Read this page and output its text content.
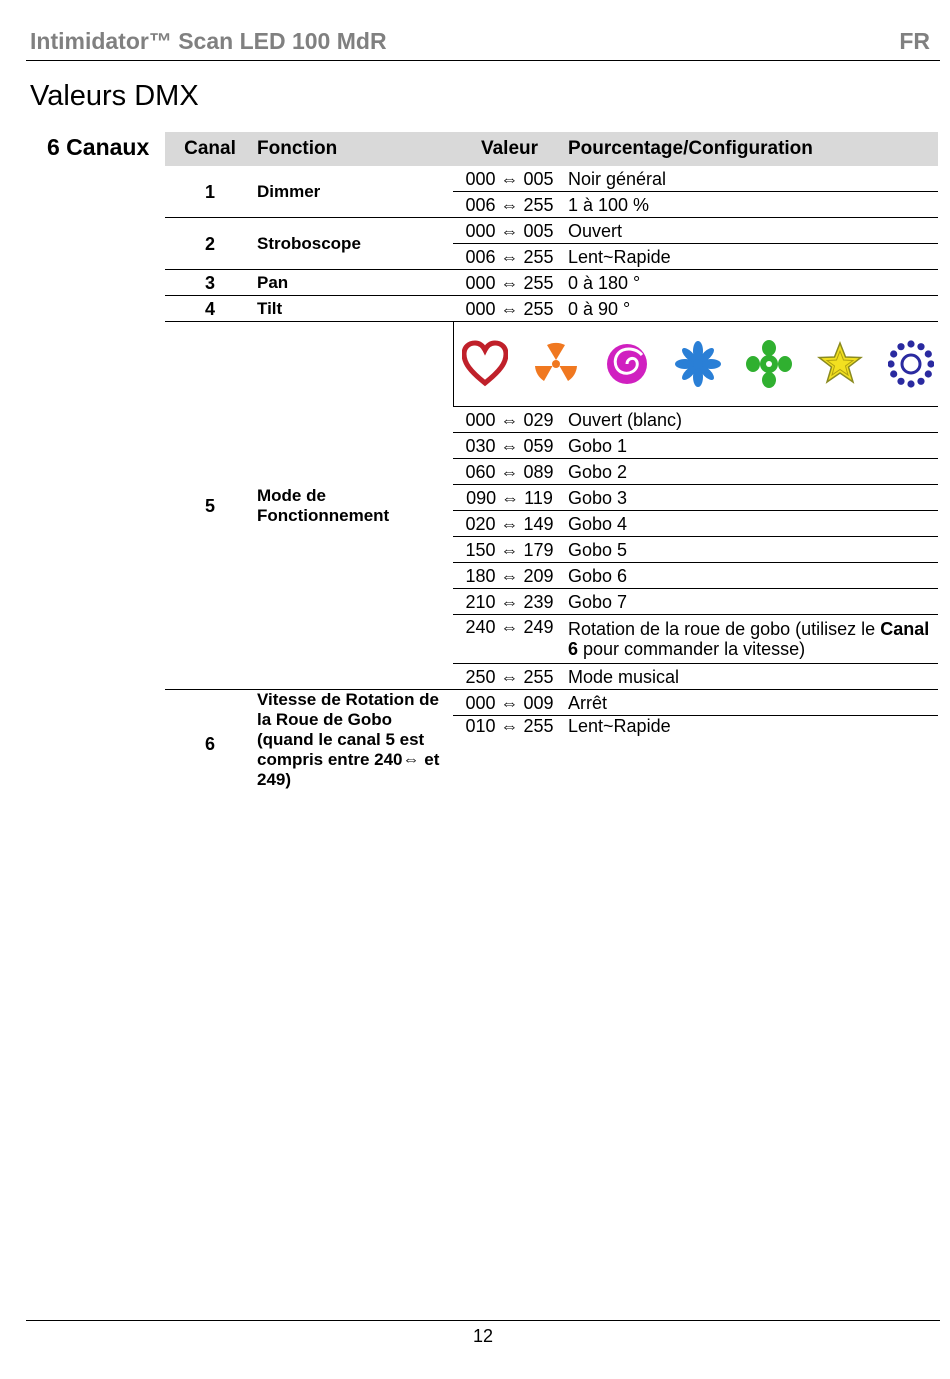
Intimidator™ Scan LED 100 MdR	FR
Valeurs DMX
6 Canaux Canal	Fonction	Valeur	Pourcentage/Configuration
1	Dimmer	000 ⇔ 005	Noir général
		006 ⇔ 255	1 à 100 %
2	Stroboscope	000 ⇔ 005	Ouvert
		006 ⇔ 255	Lent~Rapide
3	Pan	000 ⇔ 255	0 à 180 °
4	Tilt	000 ⇔ 255	0 à 90 °
5	Mode de Fonctionnement	

		000 ⇔ 029	Ouvert (blanc)
		030 ⇔ 059	Gobo 1
		060 ⇔ 089	Gobo 2
		090 ⇔ 119	Gobo 3
		020 ⇔ 149	Gobo 4
		150 ⇔ 179	Gobo 5
		180 ⇔ 209	Gobo 6
		210 ⇔ 239	Gobo 7
		240 ⇔ 249	Rotation de la roue de gobo (utilisez le Canal 6 pour commander la vitesse)
		250 ⇔ 255	Mode musical
6	Vitesse de Rotation de la Roue de Gobo (quand le canal 5 est compris entre 240⇔ et 249)	000 ⇔ 009	Arrêt
		010 ⇔ 255	Lent~Rapide
12
